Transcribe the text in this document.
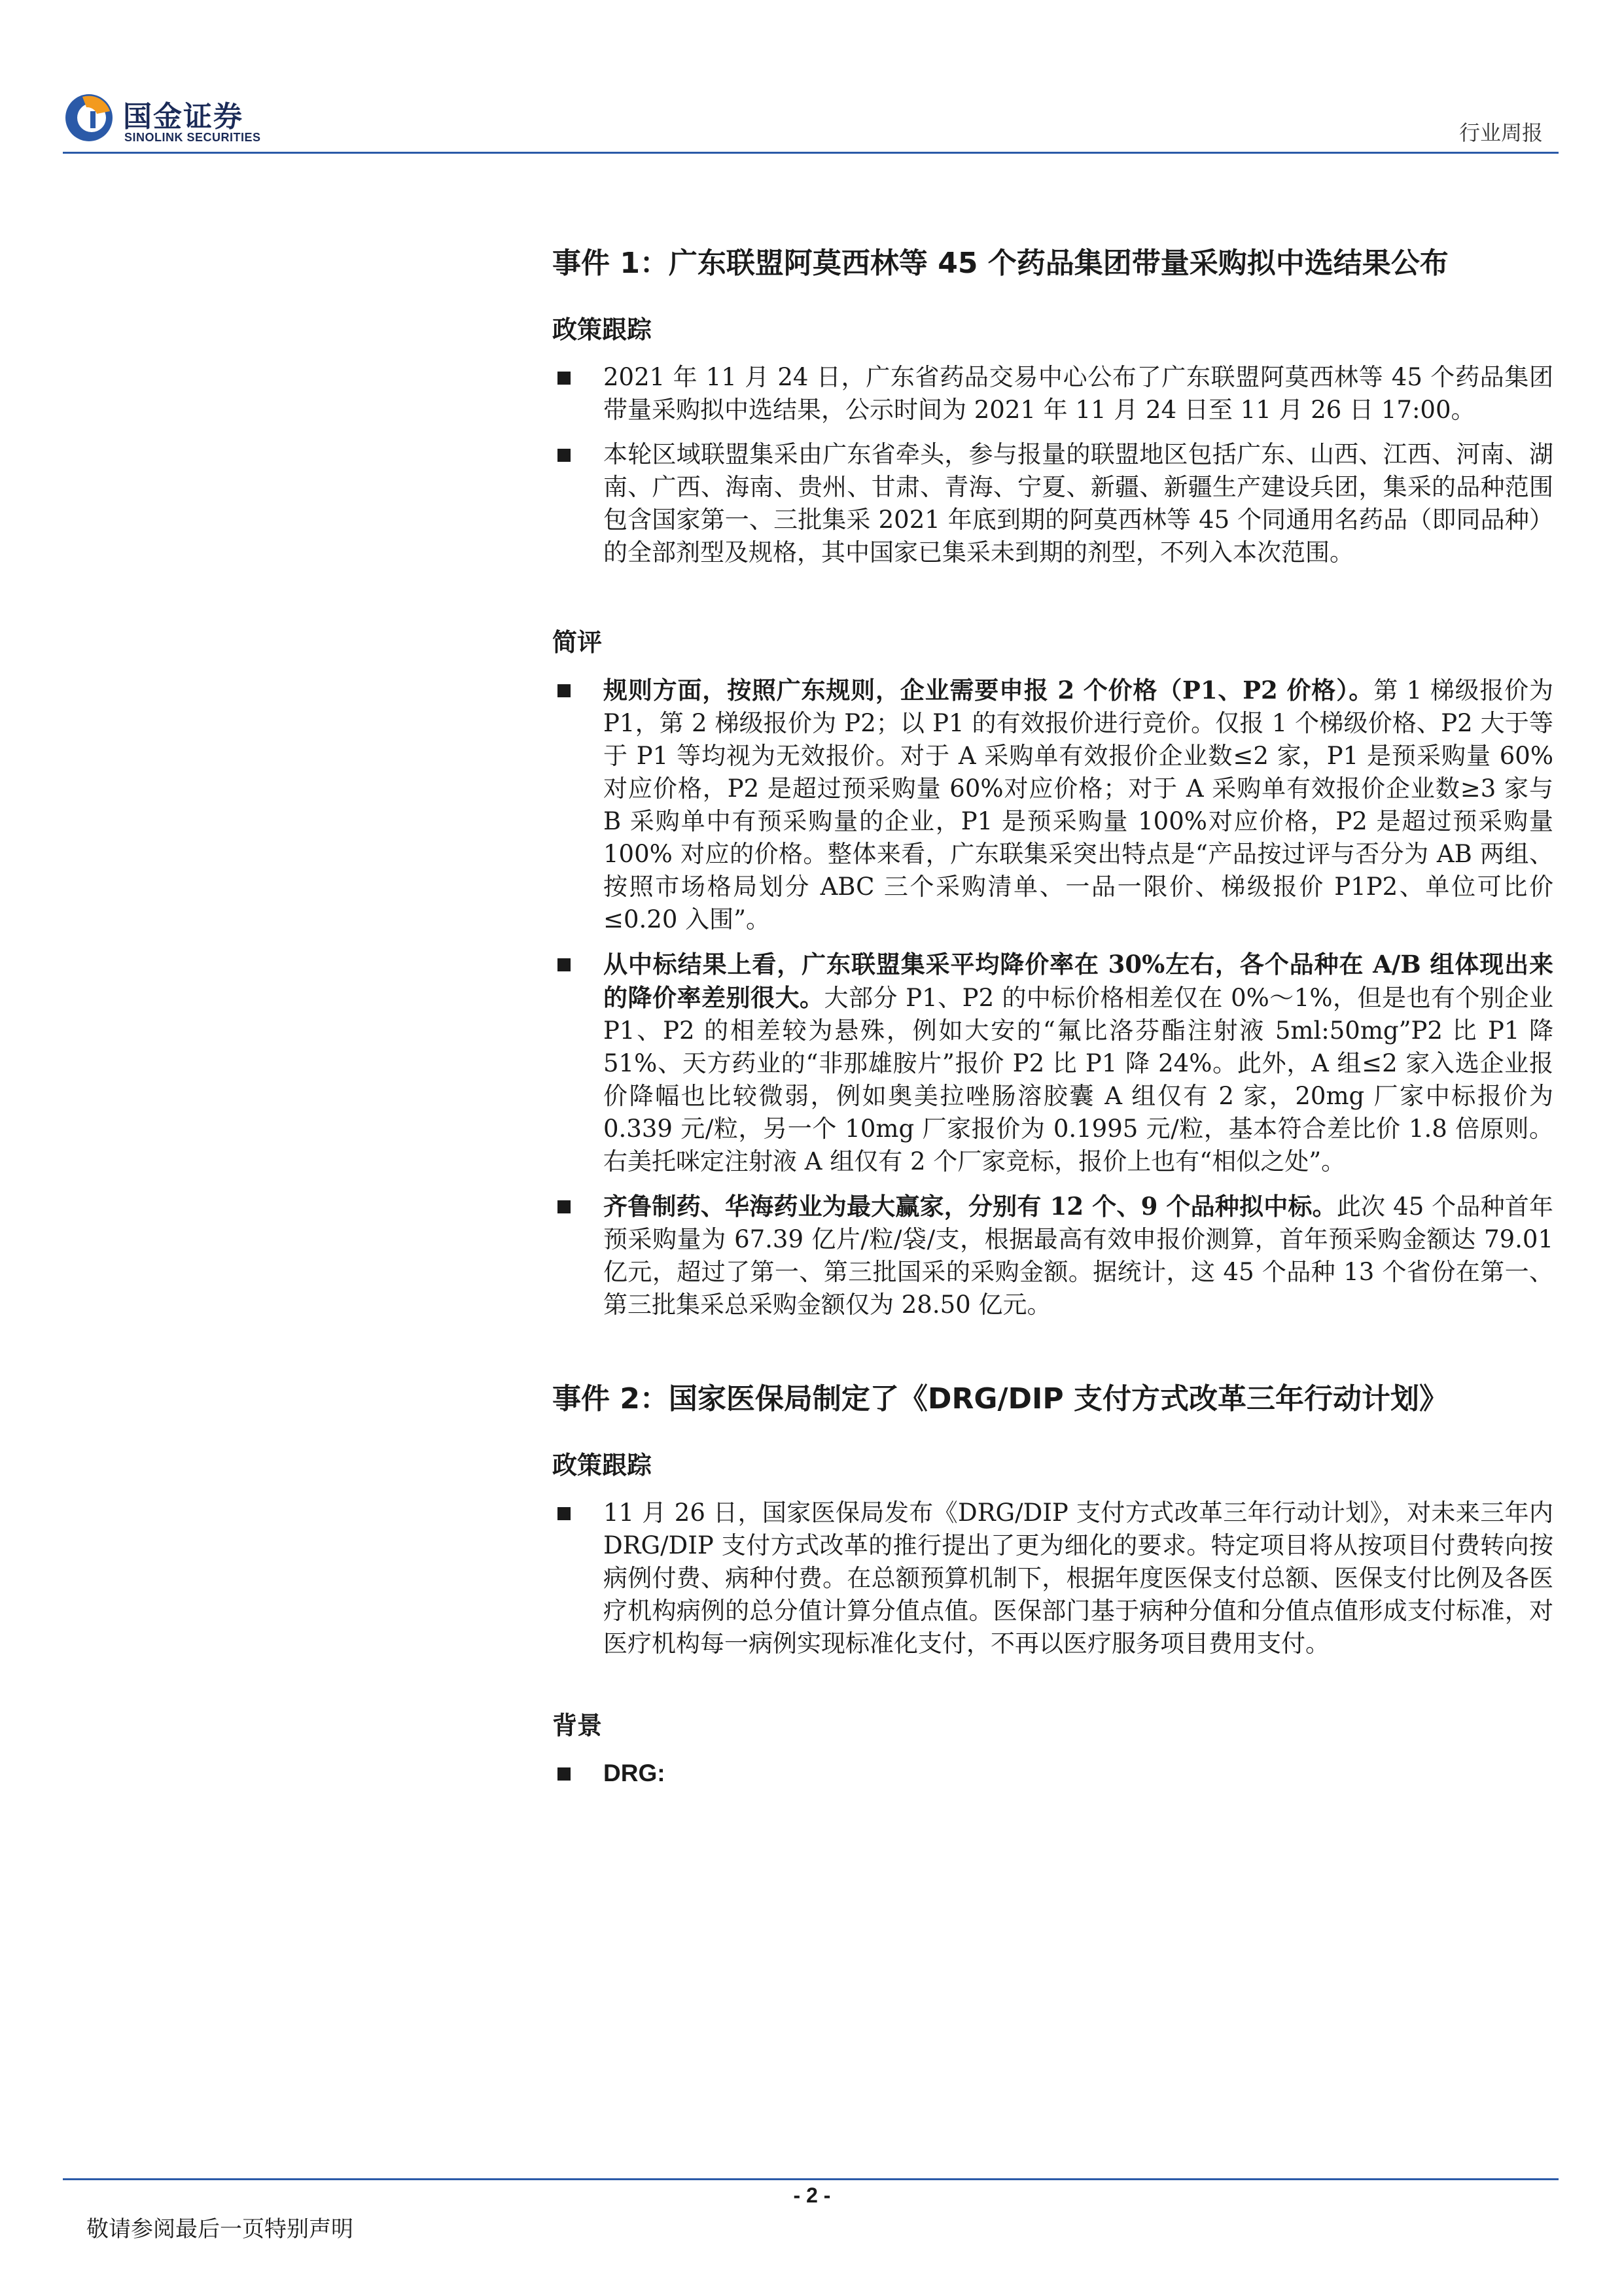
国金证券
SINOLINK SECURITIES	行业周报
事件 1：广东联盟阿莫西林等 45 个药品集团带量采购拟中选结果公布
政策跟踪
2021 年 11 月 24 日，广东省药品交易中心公布了广东联盟阿莫西林等 45 个药品集团带量采购拟中选结果，公示时间为 2021 年 11 月 24 日至 11 月 26 日 17:00。
本轮区域联盟集采由广东省牵头，参与报量的联盟地区包括广东、山西、江西、河南、湖南、广西、海南、贵州、甘肃、青海、宁夏、新疆、新疆生产建设兵团，集采的品种范围包含国家第一、三批集采 2021 年底到期的阿莫西林等 45 个同通用名药品（即同品种）的全部剂型及规格，其中国家已集采未到期的剂型，不列入本次范围。
简评
规则方面，按照广东规则，企业需要申报 2 个价格（P1、P2 价格）。第 1 梯级报价为 P1，第 2 梯级报价为 P2；以 P1 的有效报价进行竞价。仅报 1 个梯级价格、P2 大于等于 P1 等均视为无效报价。对于 A 采购单有效报价企业数≤2 家，P1 是预采购量 60%对应价格，P2 是超过预采购量 60%对应价格；对于 A 采购单有效报价企业数≥3 家与 B 采购单中有预采购量的企业，P1 是预采购量 100%对应价格，P2 是超过预采购量 100% 对应的价格。整体来看，广东联集采突出特点是“产品按过评与否分为 AB 两组、按照市场格局划分 ABC 三个采购清单、一品一限价、梯级报价 P1P2、单位可比价≤0.20 入围”。
从中标结果上看，广东联盟集采平均降价率在 30%左右，各个品种在 A/B 组体现出来的降价率差别很大。大部分 P1、P2 的中标价格相差仅在 0%～1%，但是也有个别企业 P1、P2 的相差较为悬殊，例如大安的“氟比洛芬酯注射液 5ml:50mg”P2 比 P1 降 51%、天方药业的“非那雄胺片”报价 P2 比 P1 降 24%。此外，A 组≤2 家入选企业报价降幅也比较微弱，例如奥美拉唑肠溶胶囊 A 组仅有 2 家，20mg 厂家中标报价为 0.339 元/粒，另一个 10mg 厂家报价为 0.1995 元/粒，基本符合差比价 1.8 倍原则。右美托咪定注射液 A 组仅有 2 个厂家竞标，报价上也有“相似之处”。
齐鲁制药、华海药业为最大赢家，分别有 12 个、9 个品种拟中标。此次 45 个品种首年预采购量为 67.39 亿片/粒/袋/支，根据最高有效申报价测算，首年预采购金额达 79.01 亿元，超过了第一、第三批国采的采购金额。据统计，这 45 个品种 13 个省份在第一、第三批集采总采购金额仅为 28.50 亿元。
事件 2：国家医保局制定了《DRG/DIP 支付方式改革三年行动计划》
政策跟踪
11 月 26 日，国家医保局发布《DRG/DIP 支付方式改革三年行动计划》，对未来三年内 DRG/DIP 支付方式改革的推行提出了更为细化的要求。特定项目将从按项目付费转向按病例付费、病种付费。在总额预算机制下，根据年度医保支付总额、医保支付比例及各医疗机构病例的总分值计算分值点值。医保部门基于病种分值和分值点值形成支付标准，对医疗机构每一病例实现标准化支付，不再以医疗服务项目费用支付。
背景
DRG:
- 2 -
敬请参阅最后一页特别声明
